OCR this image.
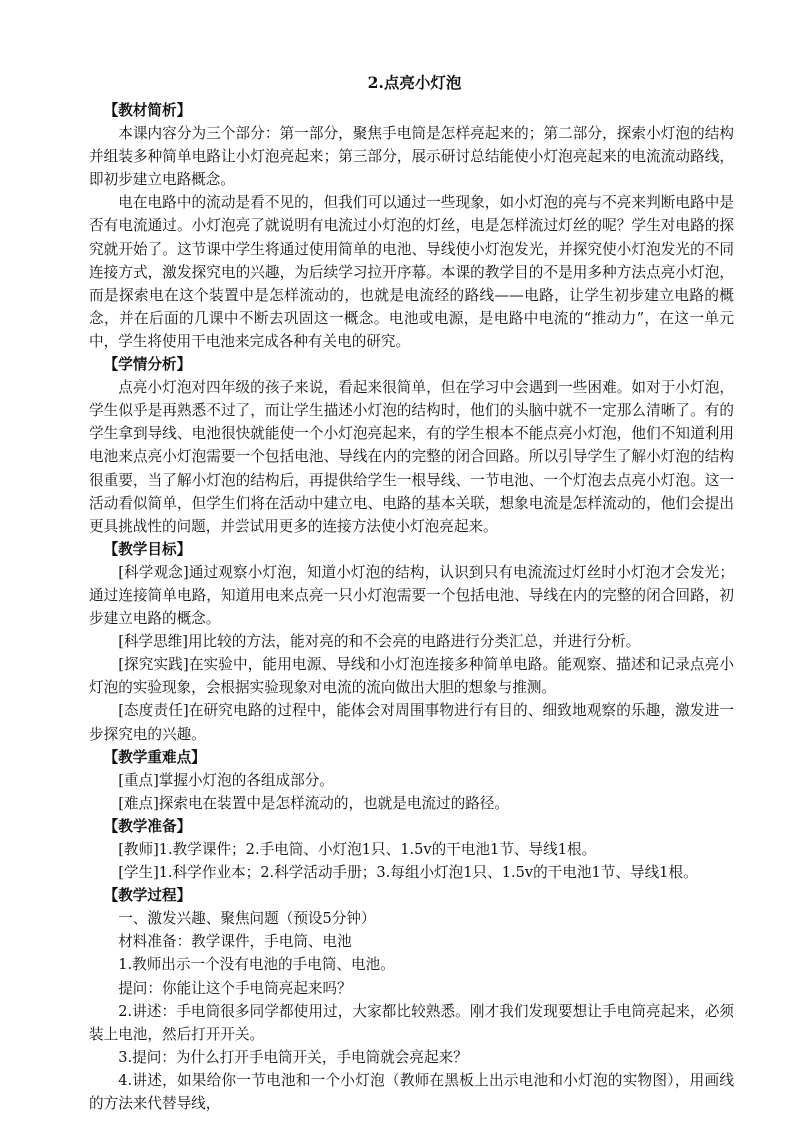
2.点亮小灯泡
【教材简析】
本课内容分为三个部分：第一部分，聚焦手电筒是怎样亮起来的；第二部分，探索小灯泡的结构并组装多种简单电路让小灯泡亮起来；第三部分，展示研讨总结能使小灯泡亮起来的电流流动路线，即初步建立电路概念。
电在电路中的流动是看不见的，但我们可以通过一些现象，如小灯泡的亮与不亮来判断电路中是否有电流通过。小灯泡亮了就说明有电流过小灯泡的灯丝，电是怎样流过灯丝的呢？学生对电路的探究就开始了。这节课中学生将通过使用简单的电池、导线使小灯泡发光，并探究使小灯泡发光的不同连接方式，激发探究电的兴趣，为后续学习拉开序幕。本课的教学目的不是用多种方法点亮小灯泡，而是探索电在这个装置中是怎样流动的，也就是电流经的路线——电路，让学生初步建立电路的概念，并在后面的几课中不断去巩固这一概念。电池或电源，是电路中电流的“推动力”，在这一单元中，学生将使用干电池来完成各种有关电的研究。
【学情分析】
点亮小灯泡对四年级的孩子来说，看起来很简单，但在学习中会遇到一些困难。如对于小灯泡，学生似乎是再熟悉不过了，而让学生描述小灯泡的结构时，他们的头脑中就不一定那么清晰了。有的学生拿到导线、电池很快就能使一个小灯泡亮起来，有的学生根本不能点亮小灯泡，他们不知道利用电池来点亮小灯泡需要一个包括电池、导线在内的完整的闭合回路。所以引导学生了解小灯泡的结构很重要，当了解小灯泡的结构后，再提供给学生一根导线、一节电池、一个灯泡去点亮小灯泡。这一活动看似简单，但学生们将在活动中建立电、电路的基本关联，想象电流是怎样流动的，他们会提出更具挑战性的问题，并尝试用更多的连接方法使小灯泡亮起来。
【教学目标】
[科学观念]通过观察小灯泡，知道小灯泡的结构，认识到只有电流流过灯丝时小灯泡才会发光；通过连接简单电路，知道用电来点亮一只小灯泡需要一个包括电池、导线在内的完整的闭合回路，初步建立电路的概念。
[科学思维]用比较的方法，能对亮的和不会亮的电路进行分类汇总，并进行分析。
[探究实践]在实验中，能用电源、导线和小灯泡连接多种简单电路。能观察、描述和记录点亮小灯泡的实验现象，会根据实验现象对电流的流向做出大胆的想象与推测。
[态度责任]在研究电路的过程中，能体会对周围事物进行有目的、细致地观察的乐趣，激发进一步探究电的兴趣。
【教学重难点】
[重点]掌握小灯泡的各组成部分。
[难点]探索电在装置中是怎样流动的，也就是电流过的路径。
【教学准备】
[教师]1.教学课件；2.手电筒、小灯泡1只、1.5v的干电池1节、导线1根。
[学生]1.科学作业本；2.科学活动手册；3.每组小灯泡1只、1.5v的干电池1节、导线1根。
【教学过程】
一、激发兴趣、聚焦问题（预设5分钟）
材料准备：教学课件，手电筒、电池
1.教师出示一个没有电池的手电筒、电池。
提问：你能让这个手电筒亮起来吗？
2.讲述：手电筒很多同学都使用过，大家都比较熟悉。刚才我们发现要想让手电筒亮起来，必须装上电池，然后打开开关。
3.提问：为什么打开手电筒开关，手电筒就会亮起来？
4.讲述，如果给你一节电池和一个小灯泡（教师在黑板上出示电池和小灯泡的实物图），用画线的方法来代替导线，
